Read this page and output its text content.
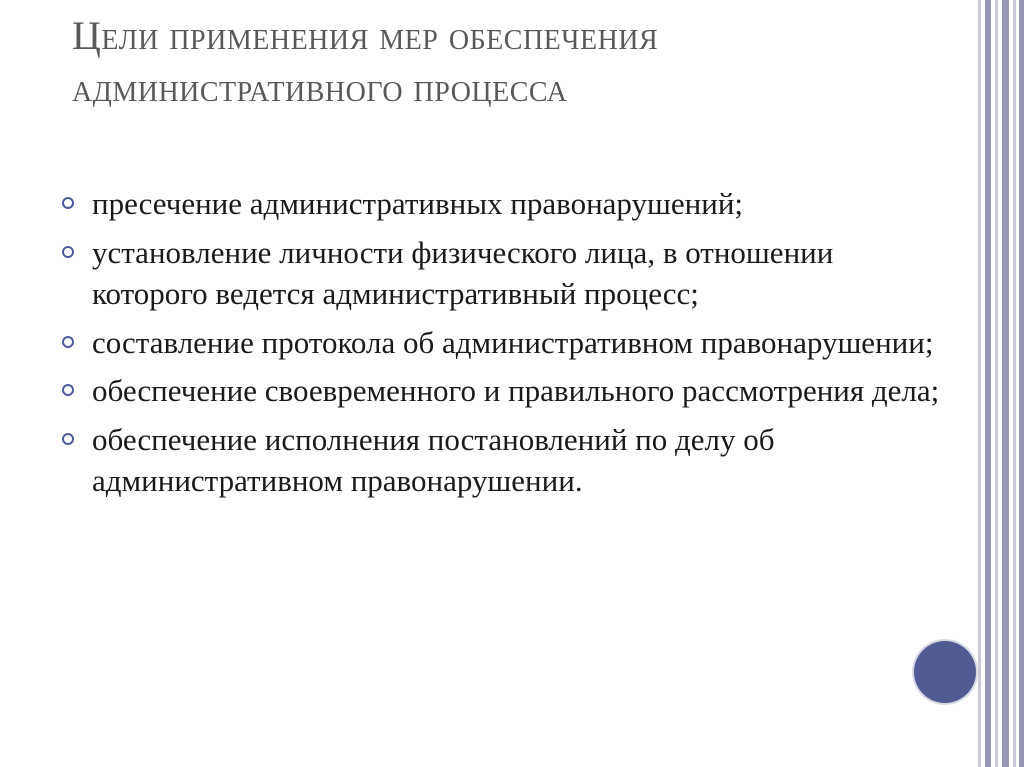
Цели применения мер обеспечения
административного процесса
пресечение административных правонарушений;
установление личности физического лица, в отношении которого ведется административный процесс;
составление протокола об административном правонарушении;
обеспечение своевременного и правильного рассмотрения дела;
обеспечение исполнения постановлений по делу об административном правонарушении.
